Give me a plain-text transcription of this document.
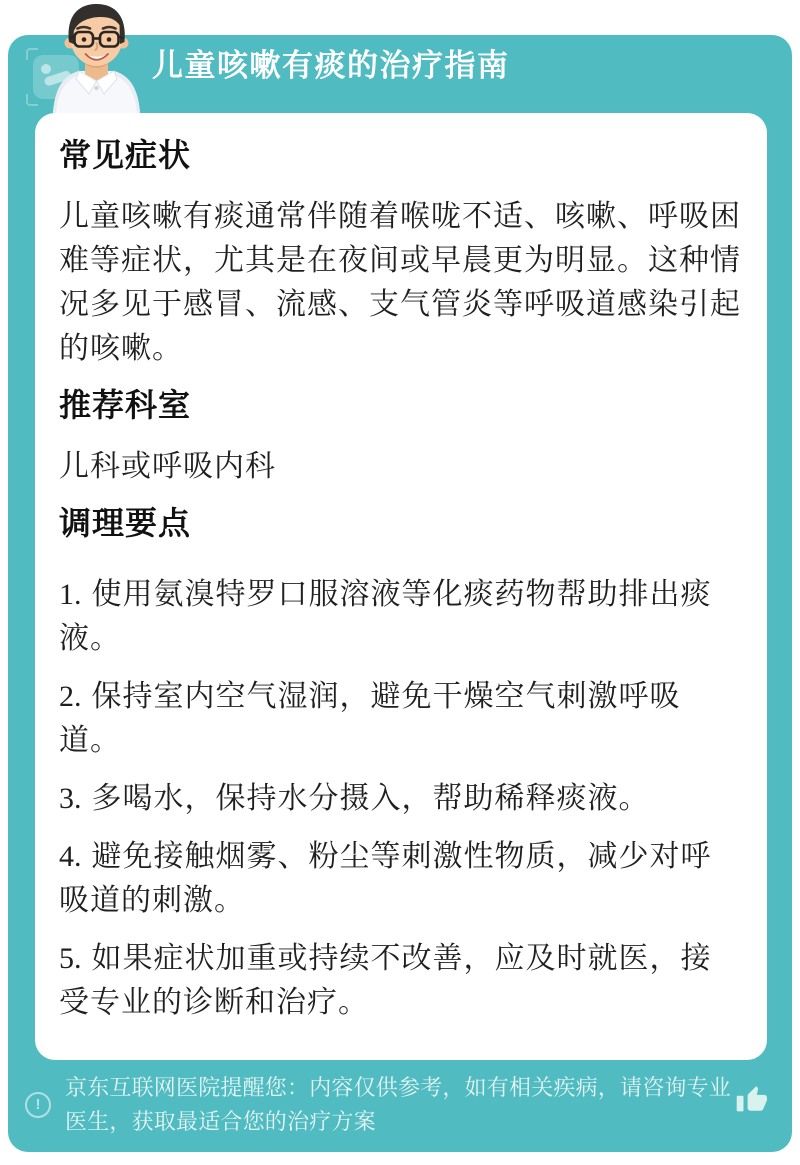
儿童咳嗽有痰的治疗指南
常见症状

儿童咳嗽有痰通常伴随着喉咙不适、咳嗽、呼吸困难等症状，尤其是在夜间或早晨更为明显。这种情况多见于感冒、流感、支气管炎等呼吸道感染引起的咳嗽。

推荐科室

儿科或呼吸内科

调理要点
1. 使用氨溴特罗口服溶液等化痰药物帮助排出痰液。
2. 保持室内空气湿润，避免干燥空气刺激呼吸道。
3. 多喝水，保持水分摄入，帮助稀释痰液。
4. 避免接触烟雾、粉尘等刺激性物质，减少对呼吸道的刺激。
5. 如果症状加重或持续不改善，应及时就医，接受专业的诊断和治疗。
!
京东互联网医院提醒您：内容仅供参考，如有相关疾病，请咨询专业医生，获取最适合您的治疗方案
